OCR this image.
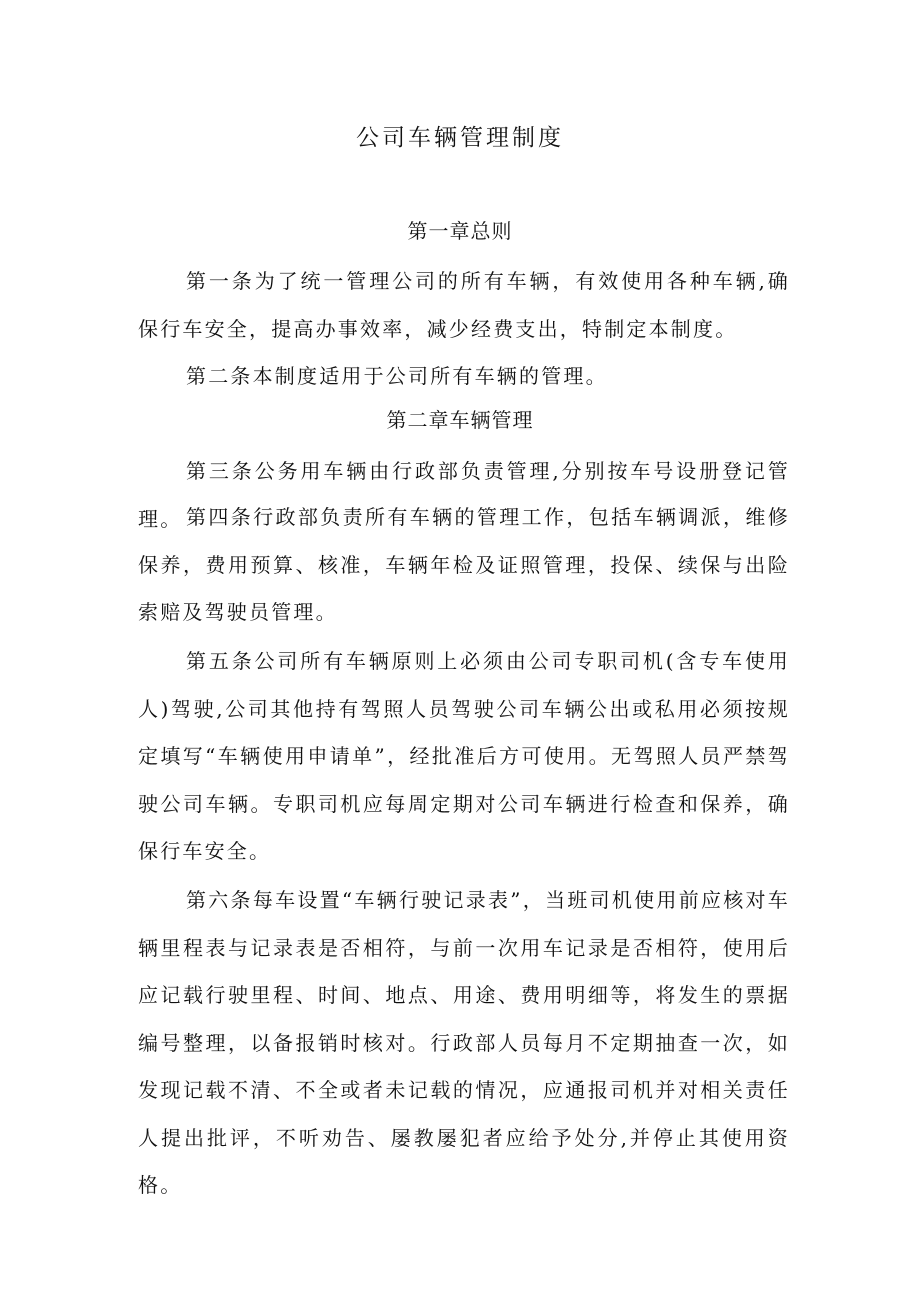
公司车辆管理制度
第一章总则

第一条为了统一管理公司的所有车辆，有效使用各种车辆,确保行车安全，提高办事效率，减少经费支出，特制定本制度。

第二条本制度适用于公司所有车辆的管理。

第二章车辆管理

第三条公务用车辆由行政部负责管理,分别按车号设册登记管理。 第四条行政部负责所有车辆的管理工作，包括车辆调派，维修保养，费用预算、核准，车辆年检及证照管理，投保、续保与出险索赔及驾驶员管理。

第五条公司所有车辆原则上必须由公司专职司机(含专车使用人)驾驶,公司其他持有驾照人员驾驶公司车辆公出或私用必须按规定填写“车辆使用申请单”，经批准后方可使用。无驾照人员严禁驾驶公司车辆。专职司机应每周定期对公司车辆进行检查和保养，确保行车安全。

第六条每车设置“车辆行驶记录表”，当班司机使用前应核对车辆里程表与记录表是否相符，与前一次用车记录是否相符，使用后应记载行驶里程、时间、地点、用途、费用明细等，将发生的票据编号整理，以备报销时核对。行政部人员每月不定期抽查一次，如发现记载不清、不全或者未记载的情况，应通报司机并对相关责任人提出批评，不听劝告、屡教屡犯者应给予处分,并停止其使用资格。
